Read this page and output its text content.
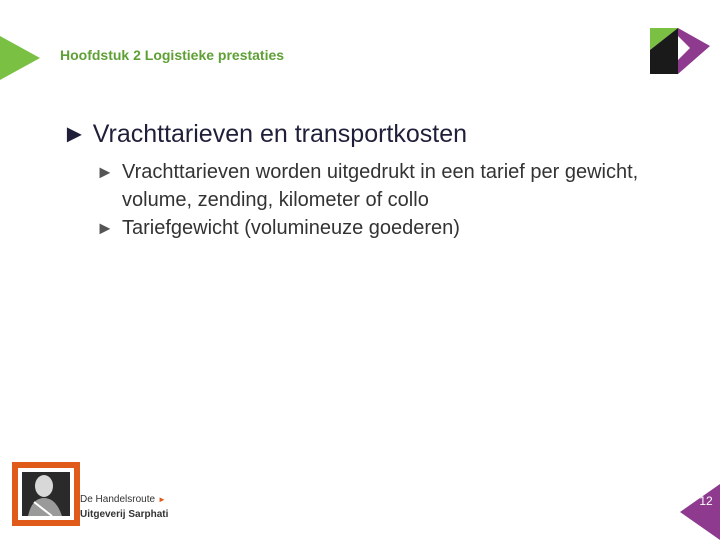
Hoofdstuk 2 Logistieke prestaties
► Vrachttarieven en transportkosten
► Vrachttarieven worden uitgedrukt in een tarief per gewicht, volume, zending, kilometer of collo
► Tariefgewicht (volumineuze goederen)
De Handelsroute ►
Uitgeverij Sarphati
12
